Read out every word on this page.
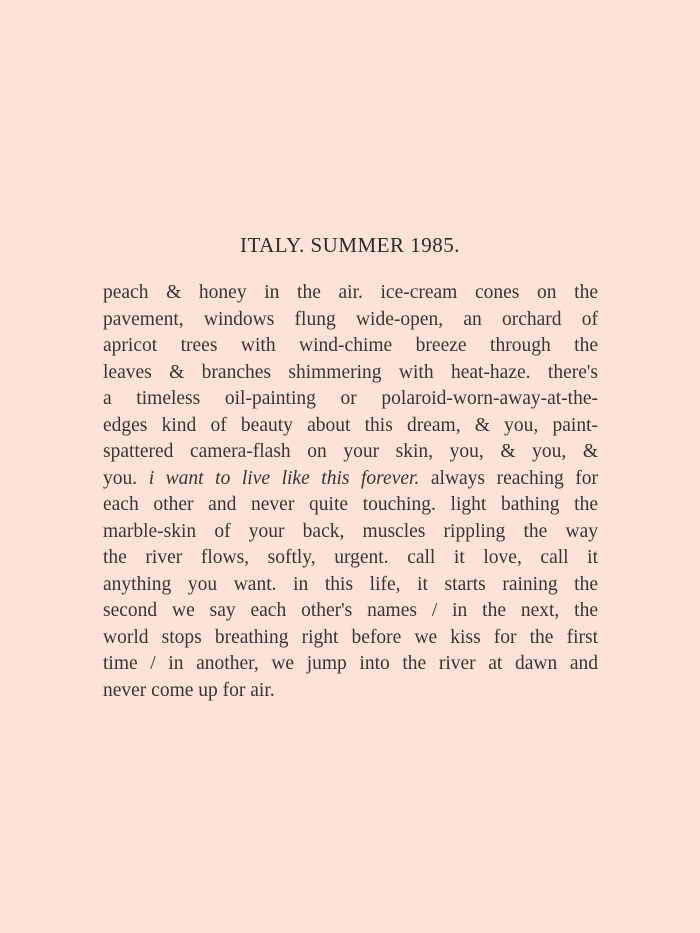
ITALY. SUMMER 1985.
peach & honey in the air. ice-cream cones on the
pavement, windows flung wide-open, an orchard of
apricot trees with wind-chime breeze through the
leaves & branches shimmering with heat-haze. there's
a timeless oil-painting or polaroid-worn-away-at-the-
edges kind of beauty about this dream, & you, paint-
spattered camera-flash on your skin, you, & you, &
you. i want to live like this forever. always reaching for
each other and never quite touching. light bathing the
marble-skin of your back, muscles rippling the way
the river flows, softly, urgent. call it love, call it
anything you want. in this life, it starts raining the
second we say each other's names / in the next, the
world stops breathing right before we kiss for the first
time / in another, we jump into the river at dawn and
never come up for air.
